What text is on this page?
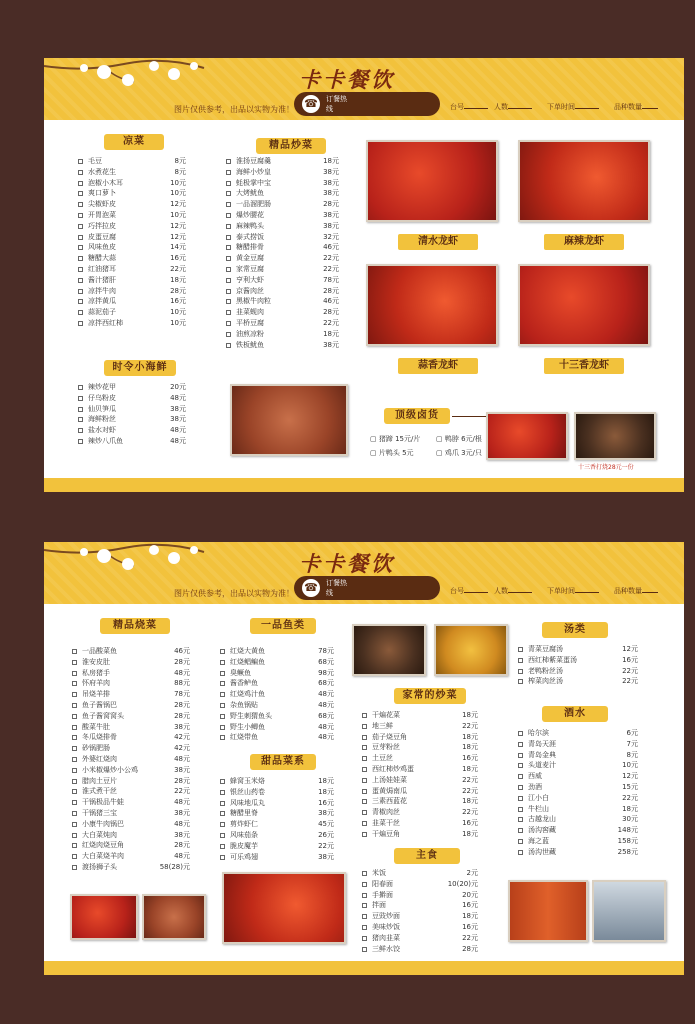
卡卡餐饮
☎	订餐热线
图片仅供参考，出品以实物为准！	台号	人数	下单时间	品种数量
凉菜
毛豆	8元
水煮花生	8元
泡椒小木耳	10元
爽口萝卜	10元
尖椒虾皮	12元
开胃泡菜	10元
巧拌拉皮	12元
皮蛋豆腐	12元
风味鱼皮	14元
糖醋大蒜	16元
红油猪耳	22元
酱汁猪肝	18元
凉拌牛肉	28元
凉拌黄瓜	16元
蒜泥茄子	10元
凉拌西红柿	10元
时令小海鲜
辣炒花甲	20元
仔乌粉皮	48元
仙贝笋瓜	38元
海鲜粉丝	38元
盐水对虾	48元
辣炒八爪鱼	48元
精品炒菜
淮扬豆腐羹	18元
海鲜小炒皇	38元
蚝极掌中宝	38元
大烤鱿鱼	38元
一品溜肥肠	28元
爆炒腰花	38元
麻辣鸭头	38元
泰式捞饭	32元
糖醋排骨	46元
黄金豆腐	22元
家常豆腐	22元
亨利大虾	78元
京酱肉丝	28元
黑椒牛肉粒	46元
韭菜蚬肉	28元
平桥豆腐	22元
油煎凉粉	18元
铁板鱿鱼	38元
清水龙虾	麻辣龙虾
蒜香龙虾	十三香龙虾
顶级卤货
▢ 猪蹄 15元/片 ▢ 鸭脖 6元/根
▢ 片鸭头 5元	▢ 鸡爪 3元/只
十三香打烧28元一份
卡卡餐饮
☎	订餐热线
图片仅供参考，出品以实物为准！	台号	人数	下单时间	品种数量
精品烧菜
一品酸菜鱼	46元
淮安皮肚	28元
私房猪手	48元
怀府羊肉	88元
吊烧羊排	78元
鱼子酱锅巴	28元
鱼子酱窝窝头	28元
酸菜牛肚	38元
冬瓜烧排骨	42元
砂锅肥肠	42元
外婆红烧肉	48元
小米椒爆炒小公鸡	38元
腊肉土豆片	28元
淮式煮干丝	22元
干锅极品牛蛙	48元
干锅猪三宝	38元
小康牛肉锅巴	48元
大白菜炖肉	38元
红烧肉烧豆角	28元
大白菜烧羊肉	48元
渡扬狮子头	58(28)元
一品鱼类
红烧大黄鱼	78元
红烧鲳鳊鱼	68元
臭鳜鱼	98元
酱香鲈鱼	68元
红烧鸡汁鱼	48元
杂鱼锅贴	48元
野生刺猬鱼头	68元
野生小鲫鱼	48元
红烧带鱼	48元
甜品菜系
蜂窝玉米烙	18元
银丝山药卷	18元
风味地瓜丸	16元
糖醋里脊	38元
剪炸虾仁	45元
风味茄条	26元
脆皮魔芋	22元
可乐鸡翅	38元
家常的炒菜
干煸花菜	18元
地三鲜	22元
茄子烧豆角	18元
豆芽粉丝	18元
土豆丝	16元
西红柿炒鸡蛋	18元
上汤娃娃菜	22元
蛋黄焗南瓜	22元
三素西蓝花	18元
青椒肉丝	22元
韭菜干丝	16元
干煸豆角	18元
主食
米饭	2元
阳春面	10(20)元
手擀面	20元
拌面	16元
豆豉炒面	18元
美味炒饭	16元
猪肉韭菜	22元
三鲜水饺	28元
汤类
青菜豆腐汤	12元
西红柿紫菜蛋汤	16元
老鸭粉丝汤	22元
榨菜肉丝汤	22元
酒水
哈尔滨	6元
青岛天涯	7元
青岛金典	8元
头道麦汁	10元
西威	12元
劲酒	15元
江小白	22元
牛栏山	18元
古越龙山	30元
汤沟窖藏	148元
海之蓝	158元
汤沟世藏	258元
